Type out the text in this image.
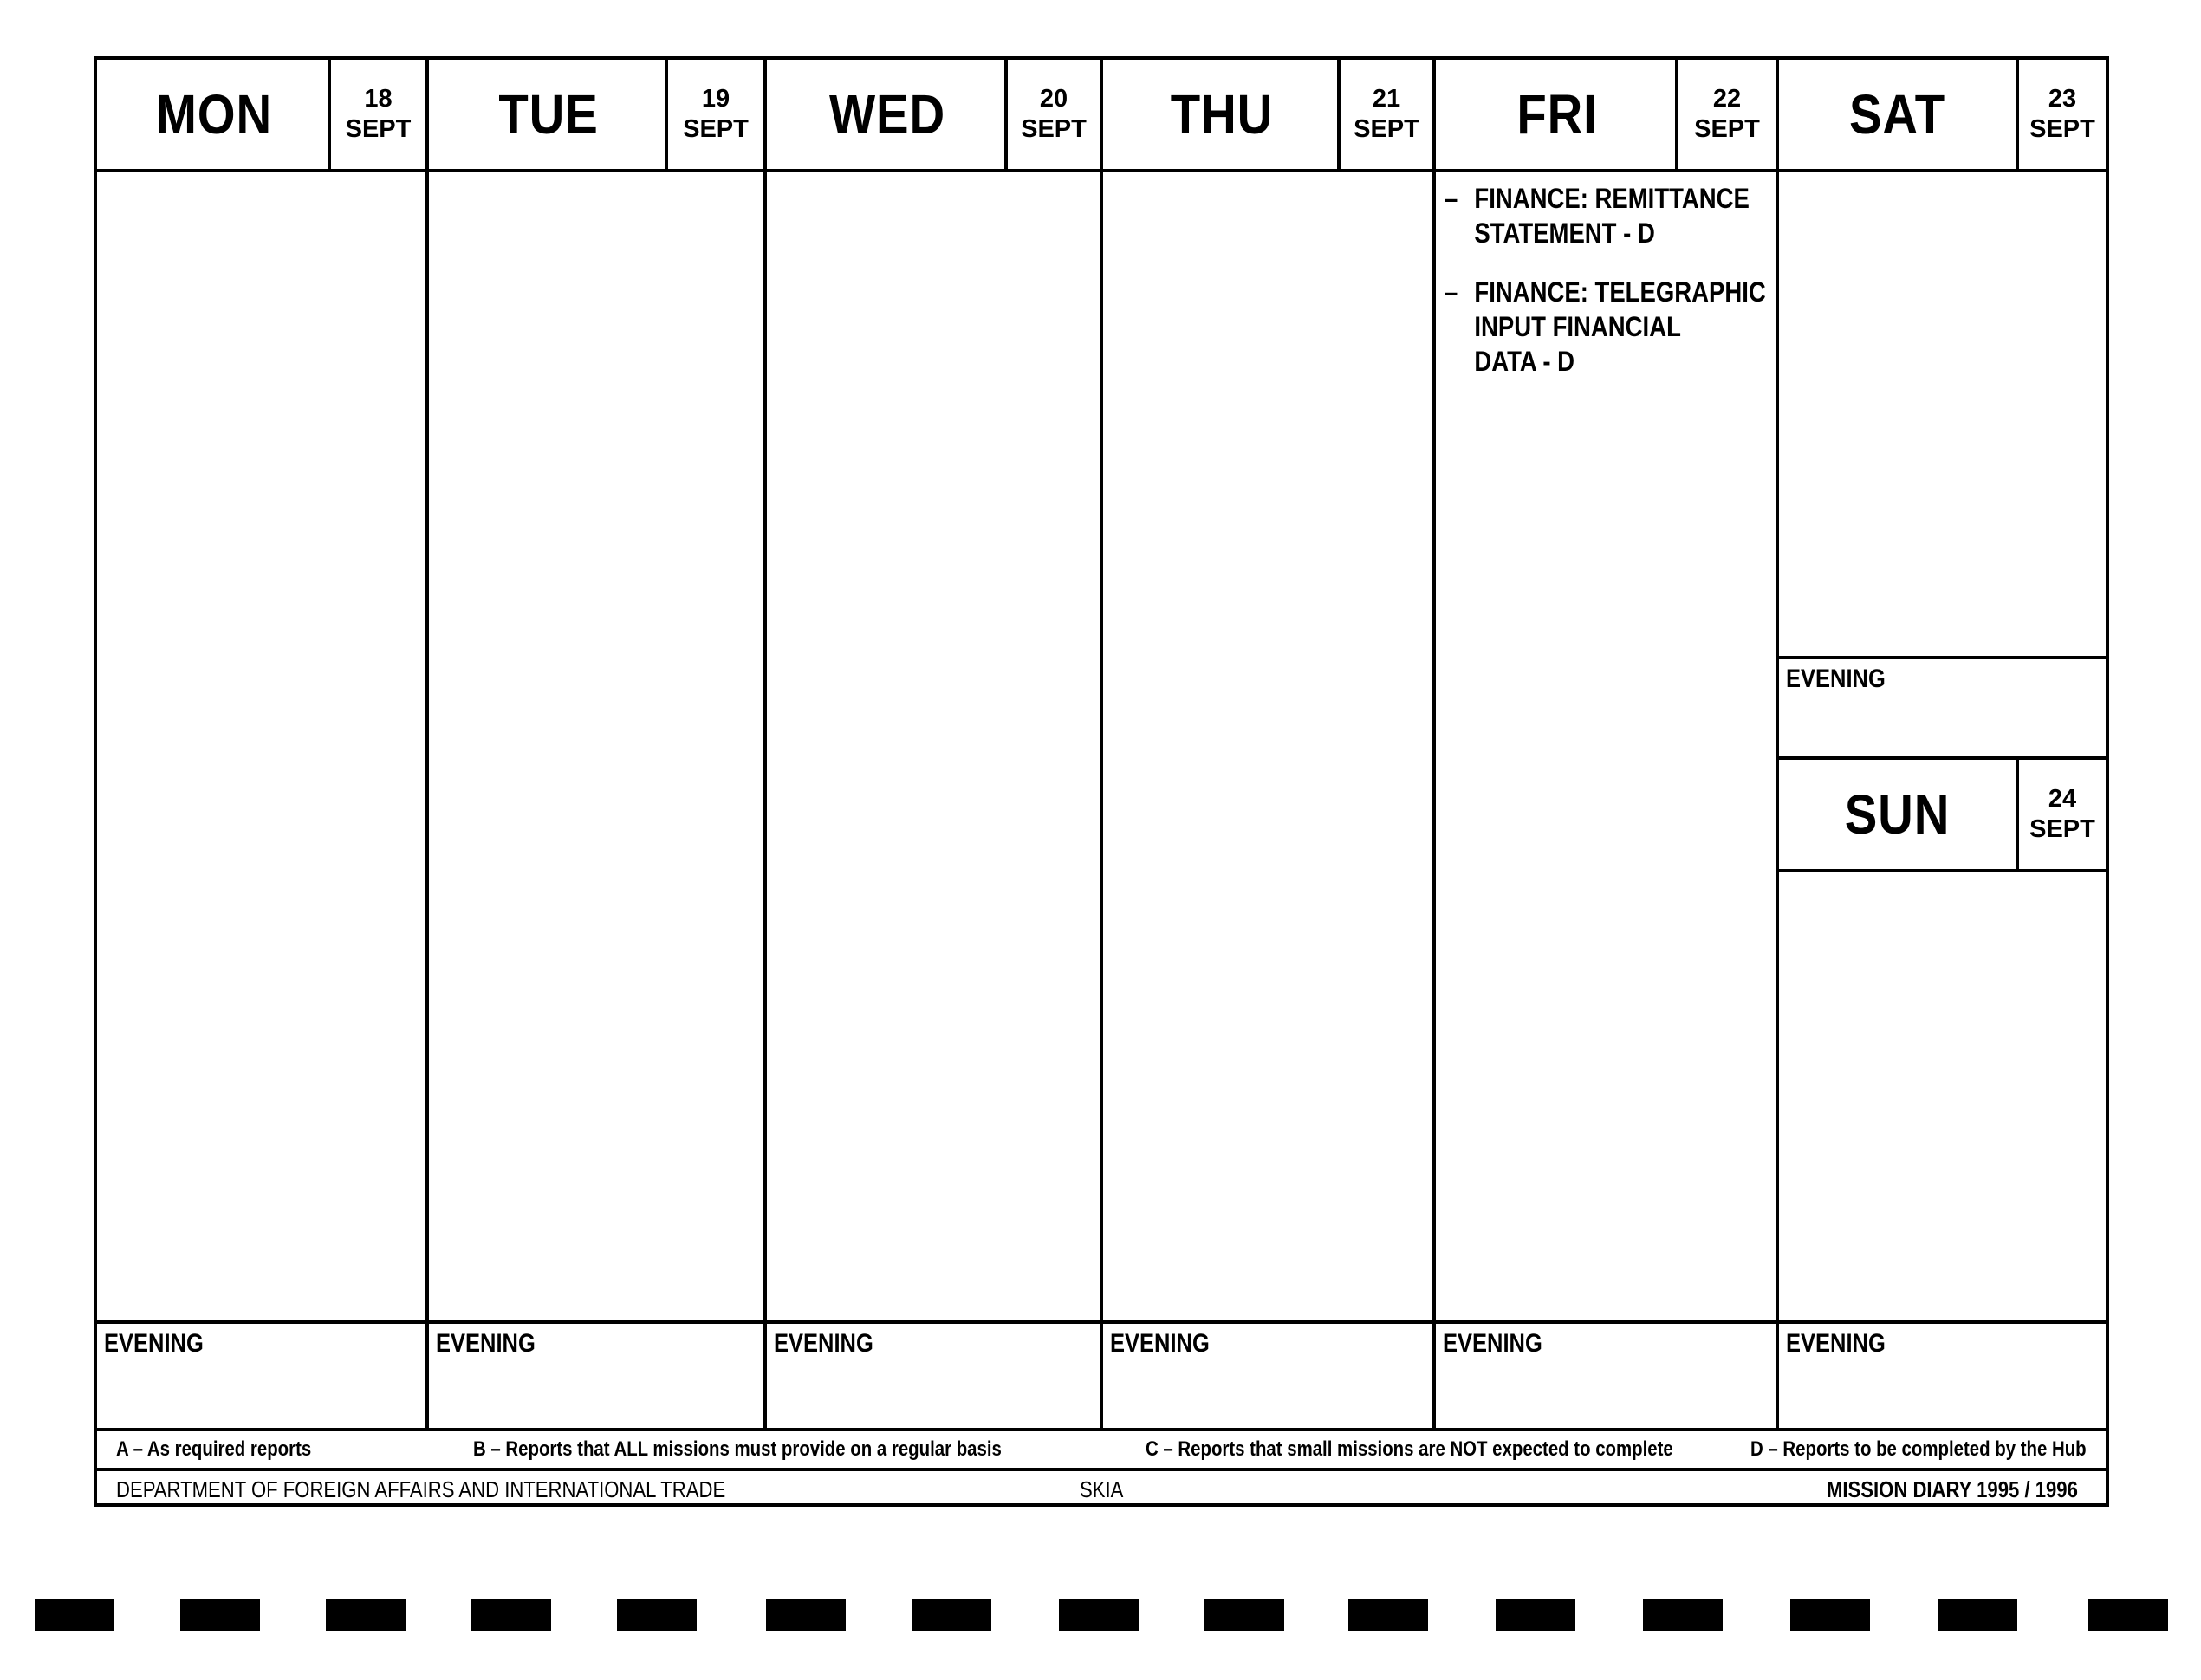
MON	18
SEPT
EVENING
TUE	19
SEPT
EVENING
WED	20
SEPT
EVENING
THU	21
SEPT
EVENING
FRI	22
SEPT
– FINANCE: REMITTANCE
STATEMENT - D
– FINANCE: TELEGRAPHIC
INPUT FINANCIAL
DATA - D
EVENING
SAT	23
SEPT
EVENING
SUN	24
SEPT
EVENING
A – As required reports	B – Reports that ALL missions must provide on a regular basis	C – Reports that small missions are NOT expected to complete	D – Reports to be completed by the Hub
DEPARTMENT OF FOREIGN AFFAIRS AND INTERNATIONAL TRADE	SKIA	MISSION DIARY 1995 / 1996
